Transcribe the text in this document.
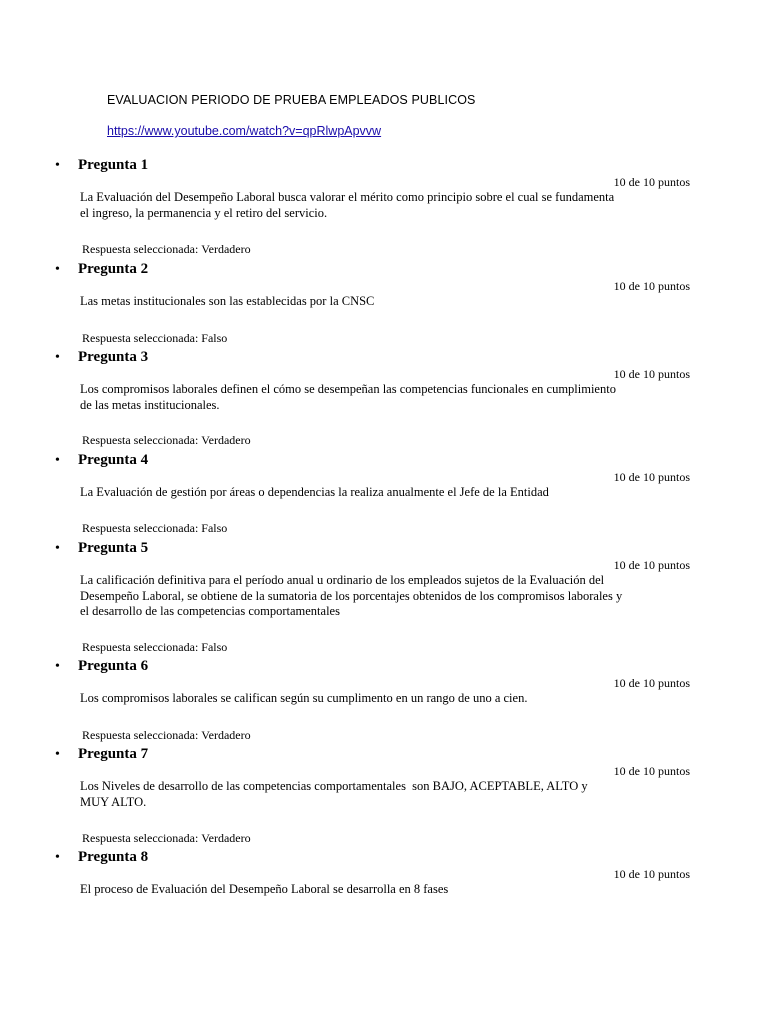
EVALUACION PERIODO DE PRUEBA EMPLEADOS PUBLICOS
https://www.youtube.com/watch?v=qpRlwpApvvw
• Pregunta 1
10 de 10 puntos
La Evaluación del Desempeño Laboral busca valorar el mérito como principio sobre el cual se fundamenta el ingreso, la permanencia y el retiro del servicio.
Respuesta seleccionada: Verdadero
• Pregunta 2
10 de 10 puntos
Las metas institucionales son las establecidas por la CNSC
Respuesta seleccionada: Falso
• Pregunta 3
10 de 10 puntos
Los compromisos laborales definen el cómo se desempeñan las competencias funcionales en cumplimiento de las metas institucionales.
Respuesta seleccionada: Verdadero
• Pregunta 4
10 de 10 puntos
La Evaluación de gestión por áreas o dependencias la realiza anualmente el Jefe de la Entidad
Respuesta seleccionada: Falso
• Pregunta 5
10 de 10 puntos
La calificación definitiva para el período anual u ordinario de los empleados sujetos de la Evaluación del Desempeño Laboral, se obtiene de la sumatoria de los porcentajes obtenidos de los compromisos laborales y el desarrollo de las competencias comportamentales
Respuesta seleccionada: Falso
• Pregunta 6
10 de 10 puntos
Los compromisos laborales se califican según su cumplimento en un rango de uno a cien.
Respuesta seleccionada: Verdadero
• Pregunta 7
10 de 10 puntos
Los Niveles de desarrollo de las competencias comportamentales  son BAJO, ACEPTABLE, ALTO y  MUY ALTO.
Respuesta seleccionada: Verdadero
• Pregunta 8
10 de 10 puntos
El proceso de Evaluación del Desempeño Laboral se desarrolla en 8 fases
